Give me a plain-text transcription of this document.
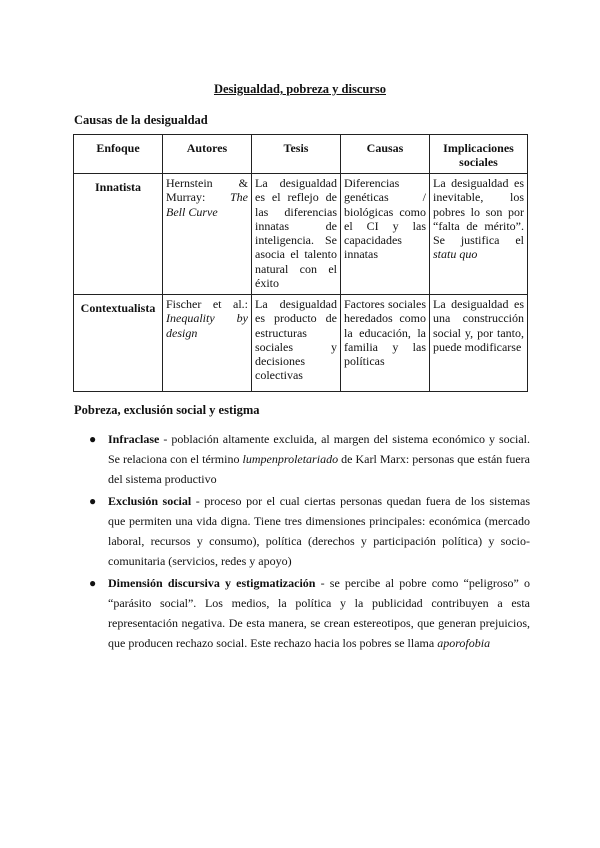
Desigualdad, pobreza y discurso
Causas de la desigualdad
Enfoque	Autores	Tesis	Causas	Implicaciones sociales
Innatista	Hernstein & Murray: The Bell Curve	La desigualdad es el reflejo de las diferencias innatas de inteligencia. Se asocia el talento natural con el éxito	Diferencias genéticas / biológicas como el CI y las capacidades innatas	La desigualdad es inevitable, los pobres lo son por “falta de mérito”. Se justifica el statu quo
Contextualista	Fischer et al.: Inequality by design	La desigualdad es producto de estructuras sociales y decisiones colectivas	Factores sociales heredados como la educación, la familia y las políticas	La desigualdad es una construcción social y, por tanto, puede modificarse
Pobreza, exclusión social y estigma
● Infraclase - población altamente excluida, al margen del sistema económico y social. Se relaciona con el término lumpenproletariado de Karl Marx: personas que están fuera del sistema productivo
● Exclusión social - proceso por el cual ciertas personas quedan fuera de los sistemas que permiten una vida digna. Tiene tres dimensiones principales: económica (mercado laboral, recursos y consumo), política (derechos y participación política) y socio-comunitaria (servicios, redes y apoyo)
● Dimensión discursiva y estigmatización - se percibe al pobre como “peligroso” o “parásito social”. Los medios, la política y la publicidad contribuyen a esta representación negativa. De esta manera, se crean estereotipos, que generan prejuicios, que producen rechazo social. Este rechazo hacia los pobres se llama aporofobia
